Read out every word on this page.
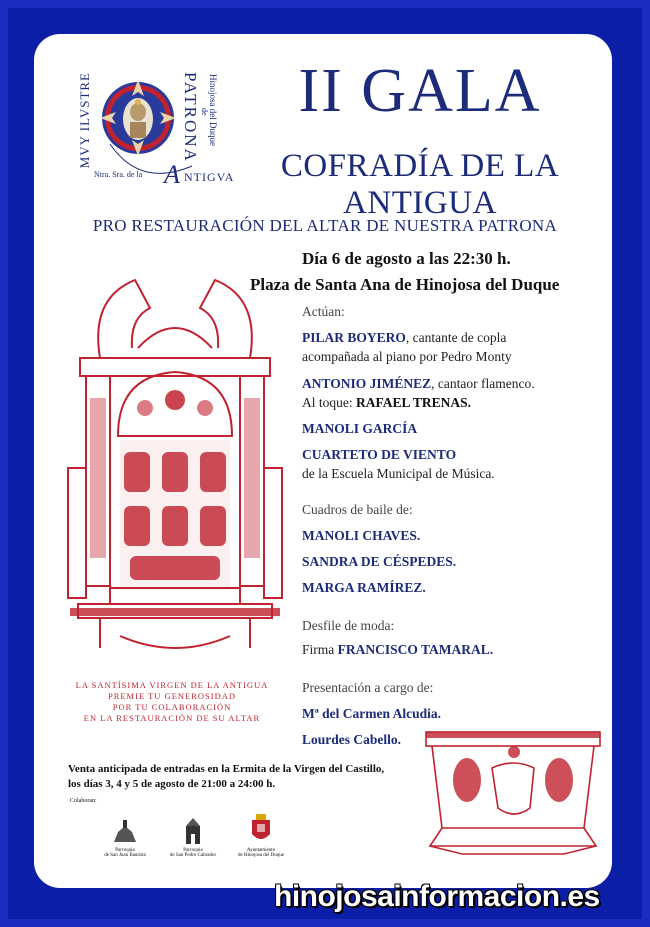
MVY ILVSTRE	PATRONA de Hinojosa del Duque
Ntra. Sra. de la A NTIGVA
II GALA
COFRADÍA DE LA ANTIGUA
PRO RESTAURACIÓN DEL ALTAR DE NUESTRA PATRONA
Día 6 de agosto a las 22:30 h.
Plaza de Santa Ana de Hinojosa del Duque
LA SANTÍSIMA VIRGEN DE LA ANTIGUA
PREMIE TU GENEROSIDAD
POR TU COLABORACIÓN
EN LA RESTAURACIÓN DE SU ALTAR
Actúan:
PILAR BOYERO, cantante de copla
acompañada al piano por Pedro Monty
ANTONIO JIMÉNEZ, cantaor flamenco.
Al toque: RAFAEL TRENAS.
MANOLI GARCÍA
CUARTETO DE VIENTO
de la Escuela Municipal de Música.
Cuadros de baile de:
MANOLI CHAVES.
SANDRA DE CÉSPEDES.
MARGA RAMÍREZ.
Desfile de moda:
Firma FRANCISCO TAMARAL.
Presentación a cargo de:
Mª del Carmen Alcudia.
Lourdes Cabello.
Venta anticipada de entradas en la Ermita de la Virgen del Castillo,
los días 3, 4 y 5 de agosto de 21:00 a 24:00 h.
Colaboran:
Parroquia
de San Juan Bautista
Parroquia
de San Pedro Cabrador
Ayuntamiento
de Hinojosa del Duque
hinojosainformacion.es
